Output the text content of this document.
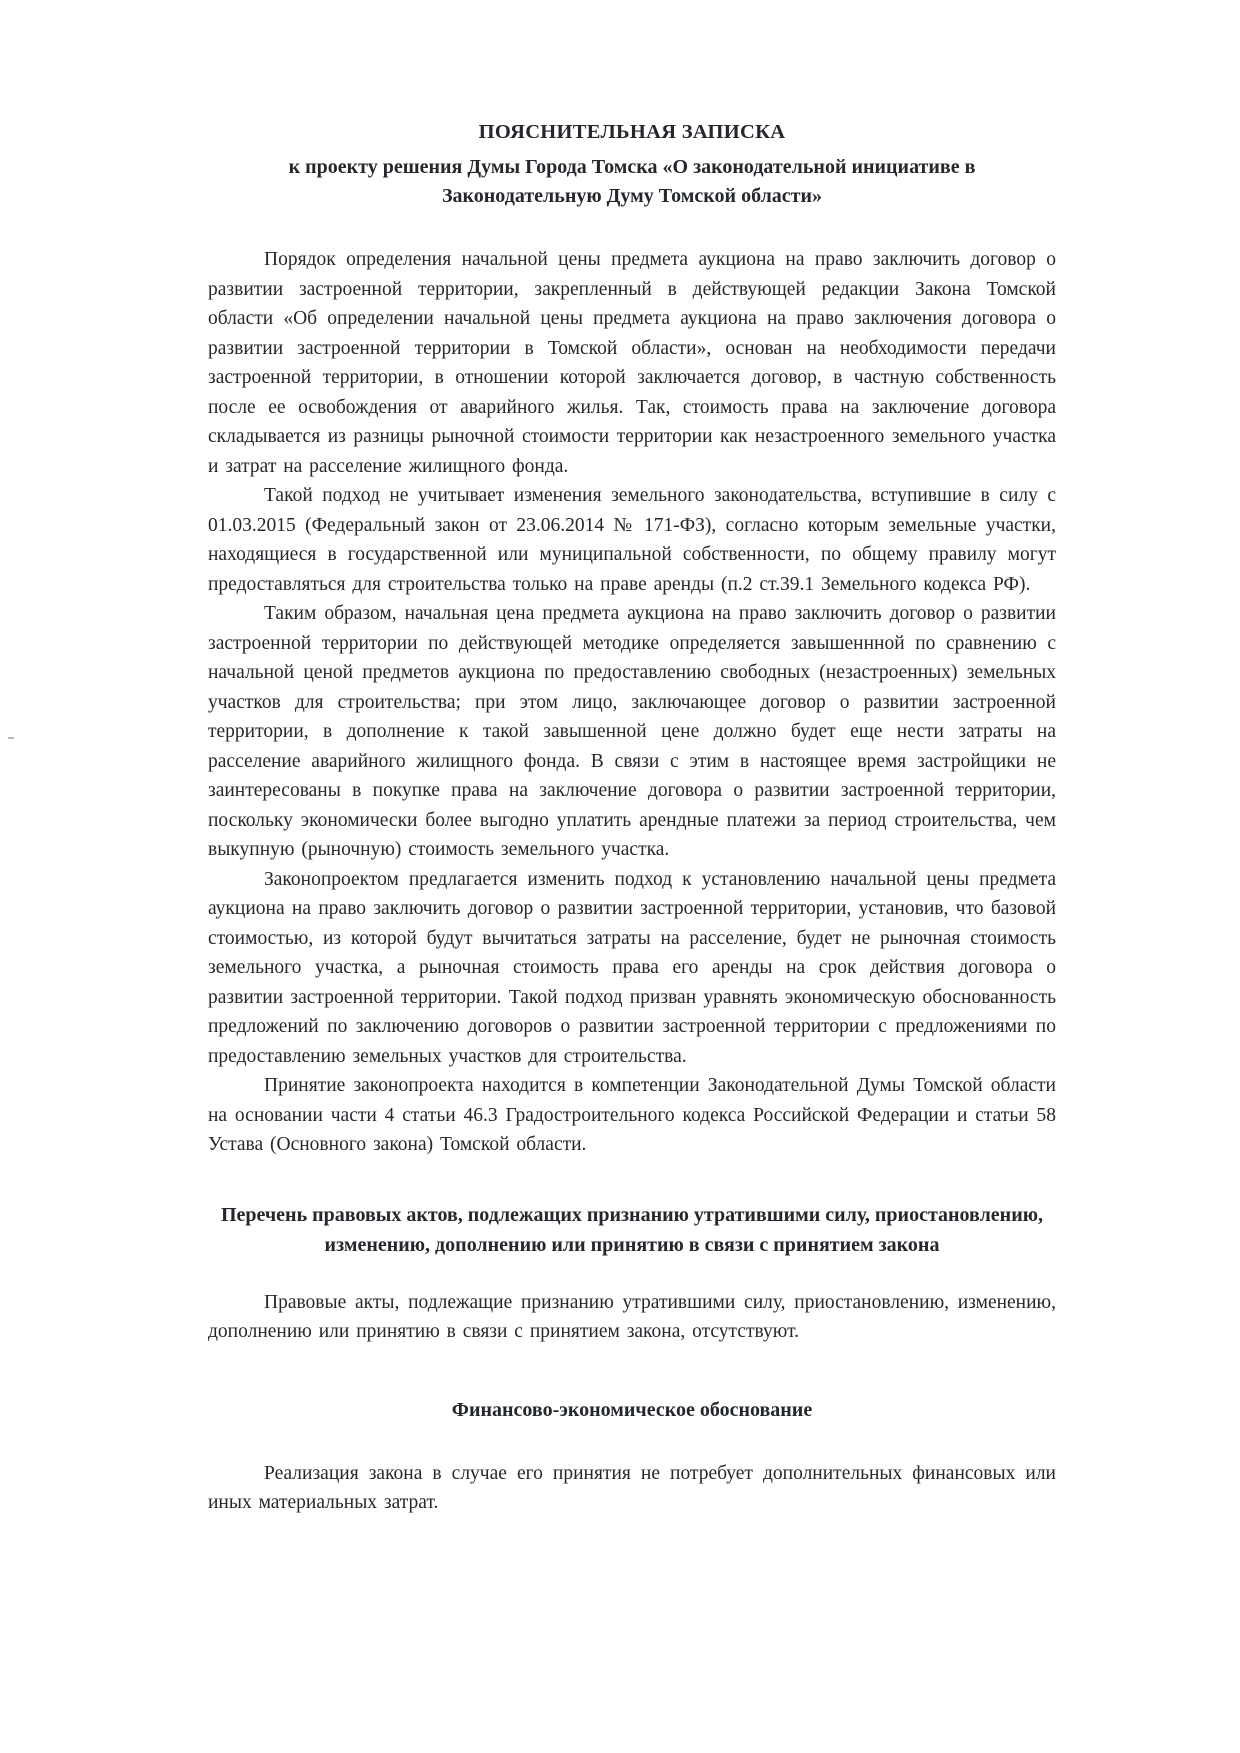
ПОЯСНИТЕЛЬНАЯ ЗАПИСКА
к проекту решения Думы Города Томска «О законодательной инициативе в Законодательную Думу Томской области»

Порядок определения начальной цены предмета аукциона на право заключить договор о развитии застроенной территории, закрепленный в действующей редакции Закона Томской области «Об определении начальной цены предмета аукциона на право заключения договора о развитии застроенной территории в Томской области», основан на необходимости передачи застроенной территории, в отношении которой заключается договор, в частную собственность после ее освобождения от аварийного жилья. Так, стоимость права на заключение договора складывается из разницы рыночной стоимости территории как незастроенного земельного участка и затрат на расселение жилищного фонда.

Такой подход не учитывает изменения земельного законодательства, вступившие в силу с 01.03.2015 (Федеральный закон от 23.06.2014 № 171-ФЗ), согласно которым земельные участки, находящиеся в государственной или муниципальной собственности, по общему правилу могут предоставляться для строительства только на праве аренды (п.2 ст.39.1 Земельного кодекса РФ).

Таким образом, начальная цена предмета аукциона на право заключить договор о развитии застроенной территории по действующей методике определяется завышеннной по сравнению с начальной ценой предметов аукциона по предоставлению свободных (незастроенных) земельных участков для строительства; при этом лицо, заключающее договор о развитии застроенной территории, в дополнение к такой завышенной цене должно будет еще нести затраты на расселение аварийного жилищного фонда. В связи с этим в настоящее время застройщики не заинтересованы в покупке права на заключение договора о развитии застроенной территории, поскольку экономически более выгодно уплатить арендные платежи за период строительства, чем выкупную (рыночную) стоимость земельного участка.

Законопроектом предлагается изменить подход к установлению начальной цены предмета аукциона на право заключить договор о развитии застроенной территории, установив, что базовой стоимостью, из которой будут вычитаться затраты на расселение, будет не рыночная стоимость земельного участка, а рыночная стоимость права его аренды на срок действия договора о развитии застроенной территории. Такой подход призван уравнять экономическую обоснованность предложений по заключению договоров о развитии застроенной территории с предложениями по предоставлению земельных участков для строительства.

Принятие законопроекта находится в компетенции Законодательной Думы Томской области на основании части 4 статьи 46.3 Градостроительного кодекса Российской Федерации и статьи 58 Устава (Основного закона) Томской области.

Перечень правовых актов, подлежащих признанию утратившими силу, приостановлению, изменению, дополнению или принятию в связи с принятием закона

Правовые акты, подлежащие признанию утратившими силу, приостановлению, изменению, дополнению или принятию в связи с принятием закона, отсутствуют.

Финансово-экономическое обоснование

Реализация закона в случае его принятия не потребует дополнительных финансовых или иных материальных затрат.
